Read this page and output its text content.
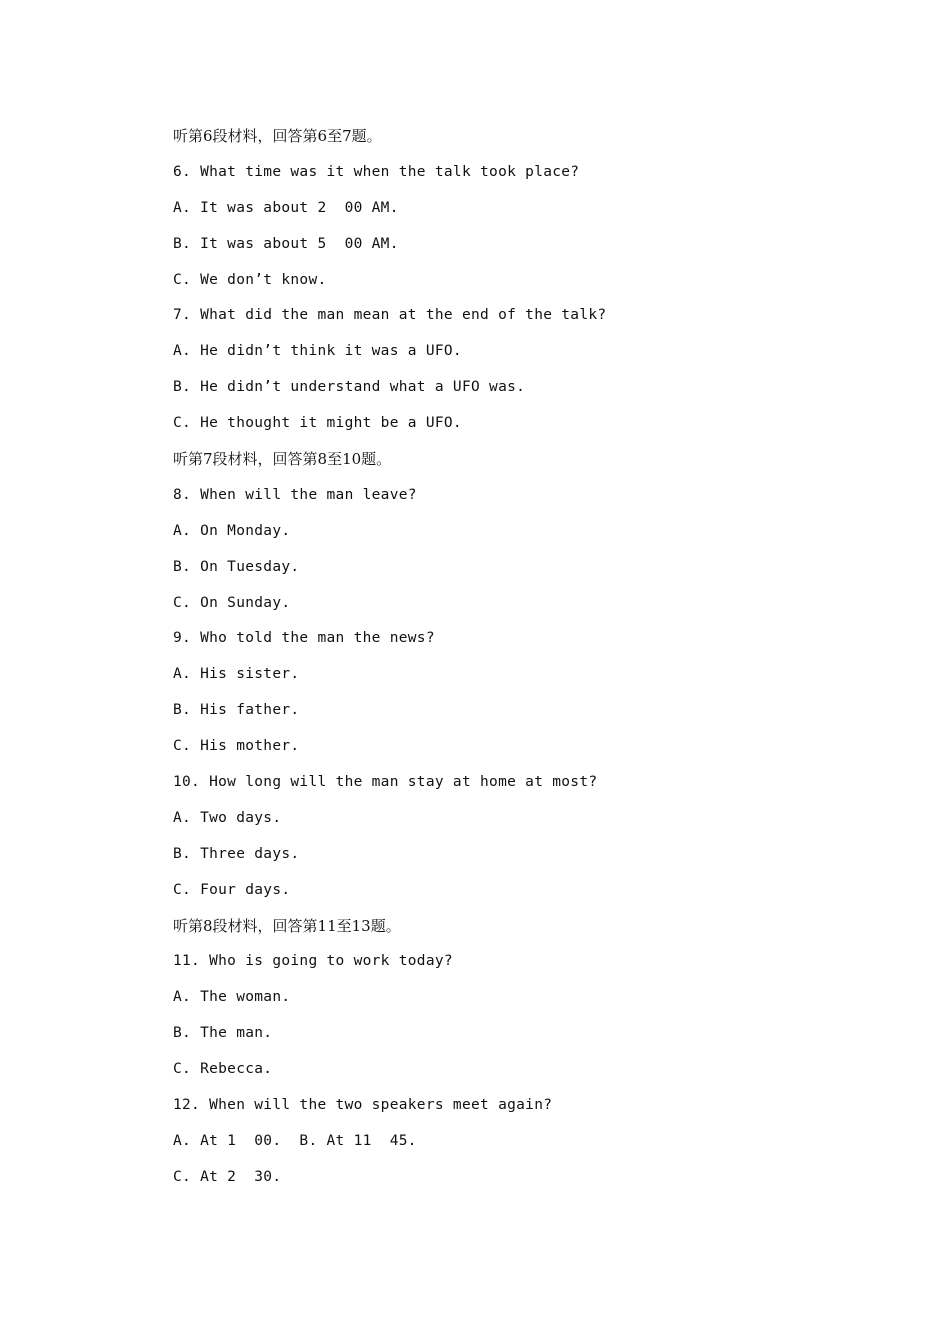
听第6段材料，回答第6至7题。
6. What time was it when the talk took place?
A. It was about 2  00 AM.
B. It was about 5  00 AM.
C. We don’t know.
7. What did the man mean at the end of the talk?
A. He didn’t think it was a UFO.
B. He didn’t understand what a UFO was.
C. He thought it might be a UFO.
听第7段材料，回答第8至10题。
8. When will the man leave?
A. On Monday.
B. On Tuesday.
C. On Sunday.
9. Who told the man the news?
A. His sister.
B. His father.
C. His mother.
10. How long will the man stay at home at most?
A. Two days.
B. Three days.
C. Four days.
听第8段材料，回答第11至13题。
11. Who is going to work today?
A. The woman.
B. The man.
C. Rebecca.
12. When will the two speakers meet again?
A. At 1  00.  B. At 11  45.
C. At 2  30.
